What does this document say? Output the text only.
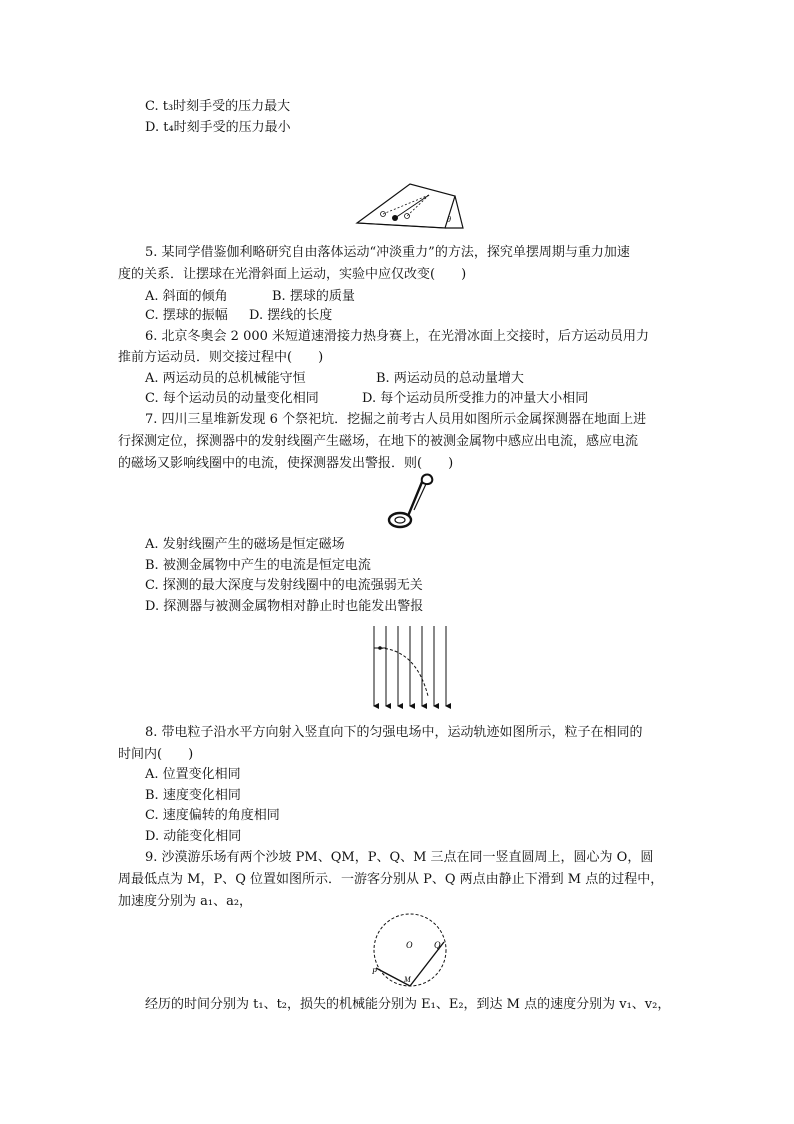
C. t₃时刻手受的压力最大
D. t₄时刻手受的压力最小
θ
5. 某同学借鉴伽利略研究自由落体运动“冲淡重力”的方法，探究单摆周期与重力加速
度的关系．让摆球在光滑斜面上运动，实验中应仅改变(　　)
A. 斜面的倾角	B. 摆球的质量
C. 摆球的振幅 D. 摆线的长度
6. 北京冬奥会 2 000 米短道速滑接力热身赛上，在光滑冰面上交接时，后方运动员用力
推前方运动员．则交接过程中(　　)
A. 两运动员的总机械能守恒	B. 两运动员的总动量增大
C. 每个运动员的动量变化相同	D. 每个运动员所受推力的冲量大小相同
7. 四川三星堆新发现 6 个祭祀坑．挖掘之前考古人员用如图所示金属探测器在地面上进
行探测定位，探测器中的发射线圈产生磁场，在地下的被测金属物中感应出电流，感应电流
的磁场又影响线圈中的电流，使探测器发出警报．则(　　)
A. 发射线圈产生的磁场是恒定磁场
B. 被测金属物中产生的电流是恒定电流
C. 探测的最大深度与发射线圈中的电流强弱无关
D. 探测器与被测金属物相对静止时也能发出警报
8. 带电粒子沿水平方向射入竖直向下的匀强电场中，运动轨迹如图所示，粒子在相同的
时间内(　　)
A. 位置变化相同
B. 速度变化相同
C. 速度偏转的角度相同
D. 动能变化相同
9. 沙漠游乐场有两个沙坡 PM、QM，P、Q、M 三点在同一竖直圆周上，圆心为 O，圆
周最低点为 M，P、Q 位置如图所示．一游客分别从 P、Q 两点由静止下滑到 M 点的过程中，
加速度分别为 a₁、a₂，
O Q
P
M
经历的时间分别为 t₁、t₂，损失的机械能分别为 E₁、E₂，到达 M 点的速度分别为 v₁、v₂，
